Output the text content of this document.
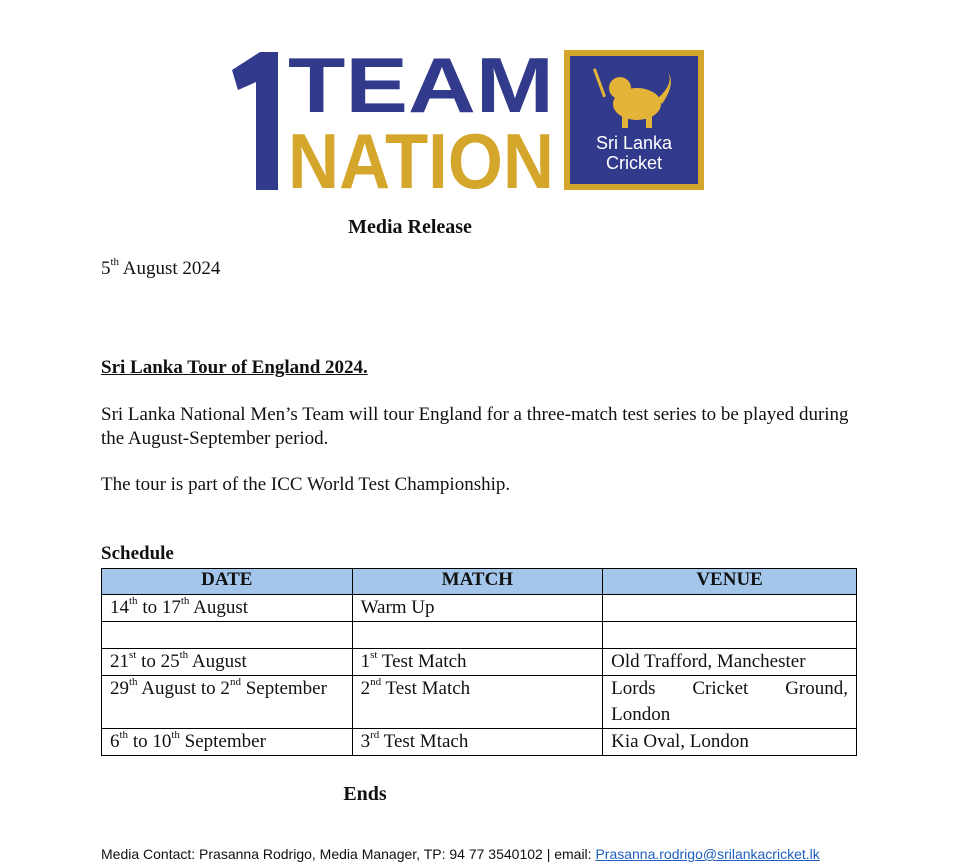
TEAM
NATION Sri Lanka
Cricket
Media Release
5th August 2024
Sri Lanka Tour of England 2024.
Sri Lanka National Men’s Team will tour England for a three-match test series to be played during the August-September period.
The tour is part of the ICC World Test Championship.
Schedule
DATE	MATCH	VENUE
14th to 17th August	Warm Up	

21st to 25th August	1st Test Match	Old Trafford, Manchester
29th August to 2nd September	2nd Test Match	Lords Cricket Ground,
London

6th to 10th September	3rd Test Mtach	Kia Oval, London
Ends
Media Contact: Prasanna Rodrigo, Media Manager, TP: 94 77 3540102 | email: Prasanna.rodrigo@srilankacricket.lk
